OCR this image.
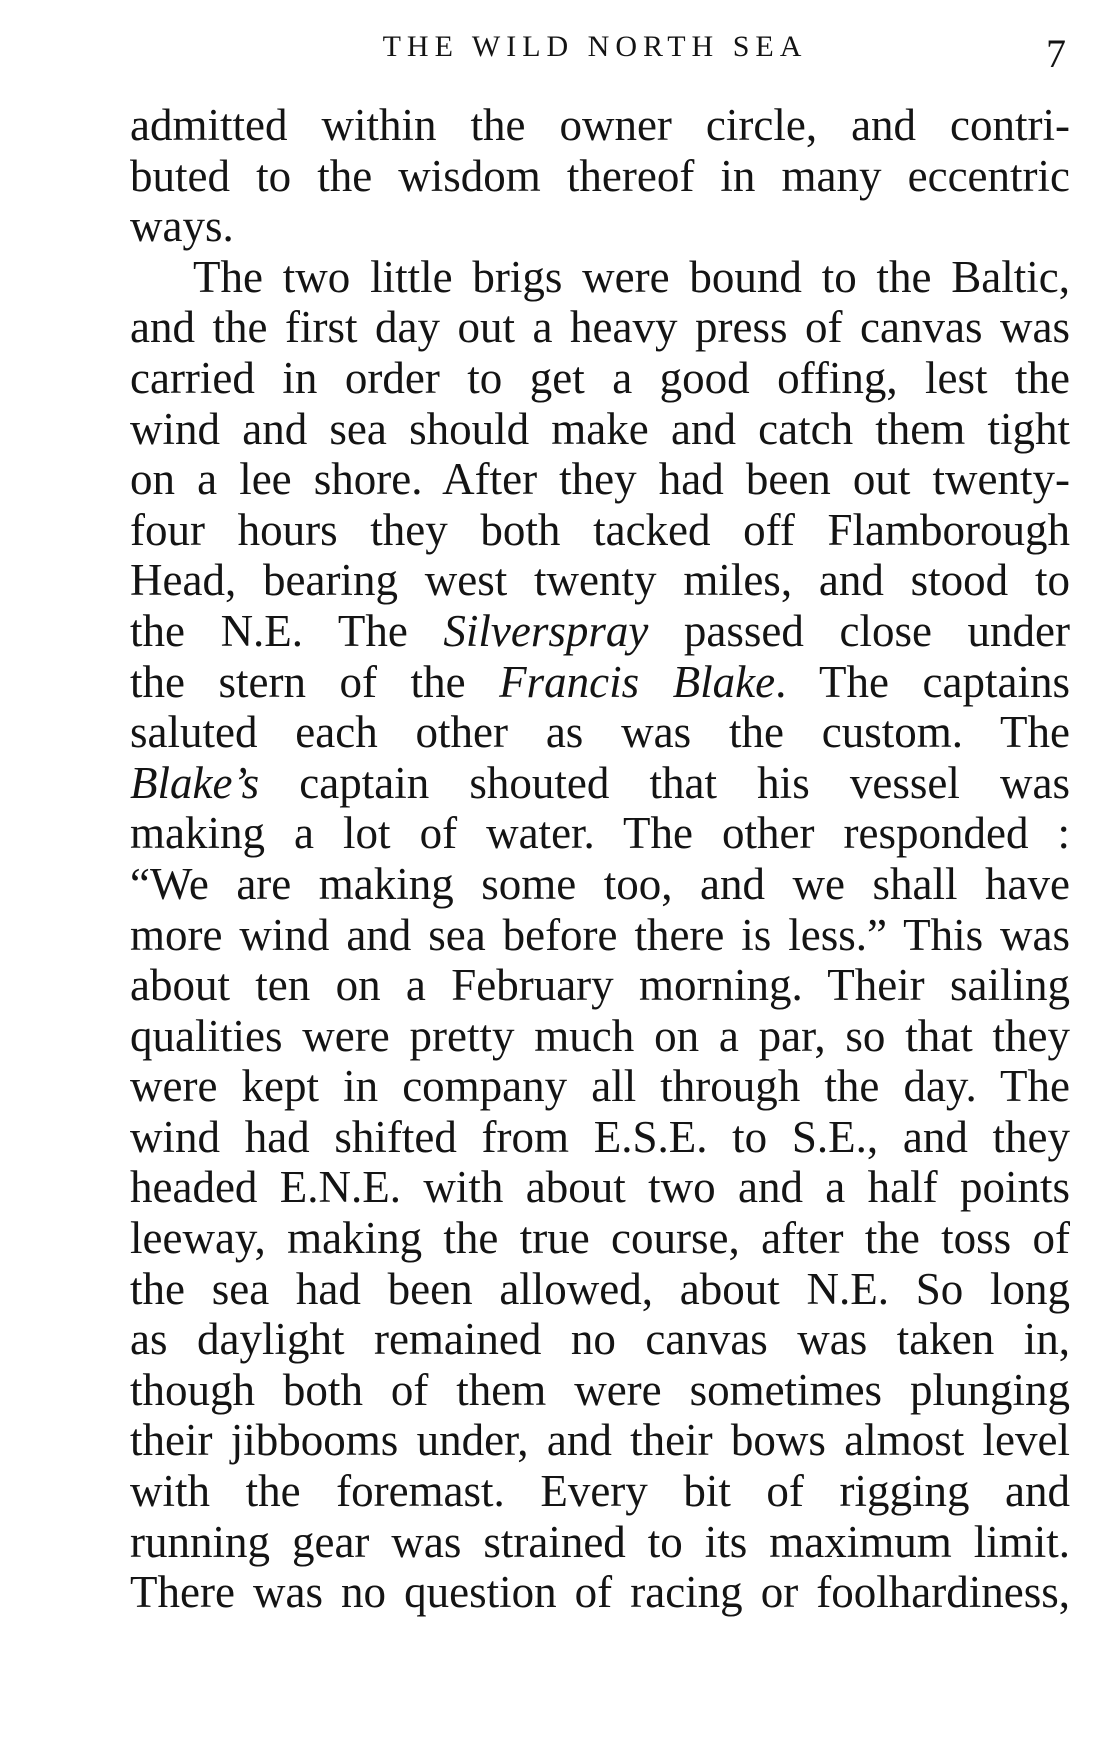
THE WILD NORTH SEA	7
admitted within the owner circle, and contri-
buted to the wisdom thereof in many eccentric
ways.
The two little brigs were bound to the Baltic,
and the first day out a heavy press of canvas was
carried in order to get a good offing, lest the
wind and sea should make and catch them tight
on a lee shore. After they had been out twenty-
four hours they both tacked off Flamborough
Head, bearing west twenty miles, and stood to
the N.E. The Silverspray passed close under
the stern of the Francis Blake. The captains
saluted each other as was the custom. The
Blake’s captain shouted that his vessel was
making a lot of water. The other responded :
“We are making some too, and we shall have
more wind and sea before there is less.” This was
about ten on a February morning. Their sailing
qualities were pretty much on a par, so that they
were kept in company all through the day. The
wind had shifted from E.S.E. to S.E., and they
headed E.N.E. with about two and a half points
leeway, making the true course, after the toss of
the sea had been allowed, about N.E. So long
as daylight remained no canvas was taken in,
though both of them were sometimes plunging
their jibbooms under, and their bows almost level
with the foremast. Every bit of rigging and
running gear was strained to its maximum limit.
There was no question of racing or foolhardiness,
